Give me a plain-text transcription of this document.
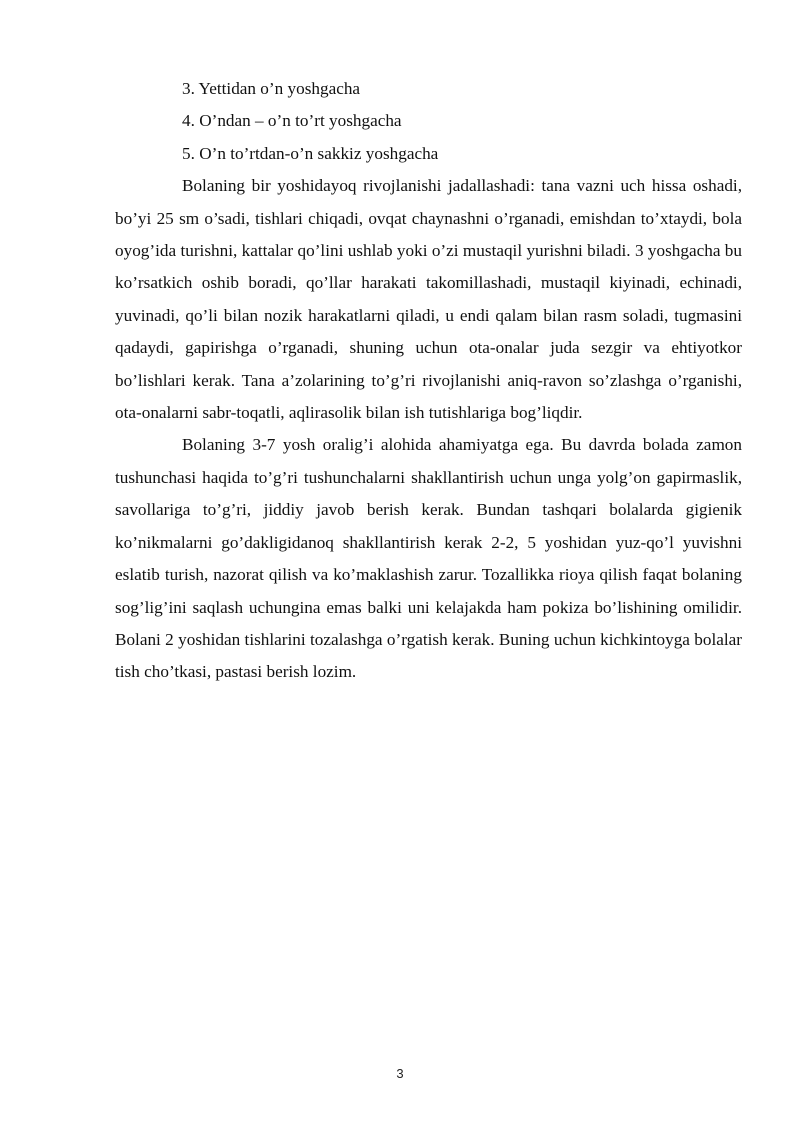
3. Yettidan o’n yoshgacha

4. O’ndan – o’n to’rt yoshgacha

5. O’n to’rtdan-o’n sakkiz yoshgacha

Bolaning bir yoshidayoq rivojlanishi jadallashadi: tana vazni uch hissa oshadi, bo’yi 25 sm o’sadi, tishlari chiqadi, ovqat chaynashni o’rganadi, emishdan to’xtaydi, bola oyog’ida turishni, kattalar qo’lini ushlab yoki o’zi mustaqil yurishni biladi. 3 yoshgacha bu ko’rsatkich oshib boradi, qo’llar harakati takomillashadi, mustaqil kiyinadi, echinadi, yuvinadi, qo’li bilan nozik harakatlarni qiladi, u endi qalam bilan rasm soladi, tugmasini qadaydi, gapirishga o’rganadi, shuning uchun ota-onalar juda sezgir va ehtiyotkor bo’lishlari kerak. Tana a’zolarining to’g’ri rivojlanishi aniq-ravon so’zlashga o’rganishi, ota-onalarni sabr-toqatli, aqlirasolik bilan ish tutishlariga bog’liqdir.

Bolaning 3-7 yosh oralig’i alohida ahamiyatga ega. Bu davrda bolada zamon tushunchasi haqida to’g’ri tushunchalarni shakllantirish uchun unga yolg’on gapirmaslik, savollariga to’g’ri, jiddiy javob berish kerak. Bundan tashqari bolalarda gigienik ko’nikmalarni go’dakligidanoq shakllantirish kerak 2-2, 5 yoshidan yuz-qo’l yuvishni eslatib turish, nazorat qilish va ko’maklashish zarur. Tozallikka rioya qilish faqat bolaning sog’lig’ini saqlash uchungina emas balki uni kelajakda ham pokiza bo’lishining omilidir. Bolani 2 yoshidan tishlarini tozalashga o’rgatish kerak. Buning uchun kichkintoyga bolalar tish cho’tkasi, pastasi berish lozim.

3
